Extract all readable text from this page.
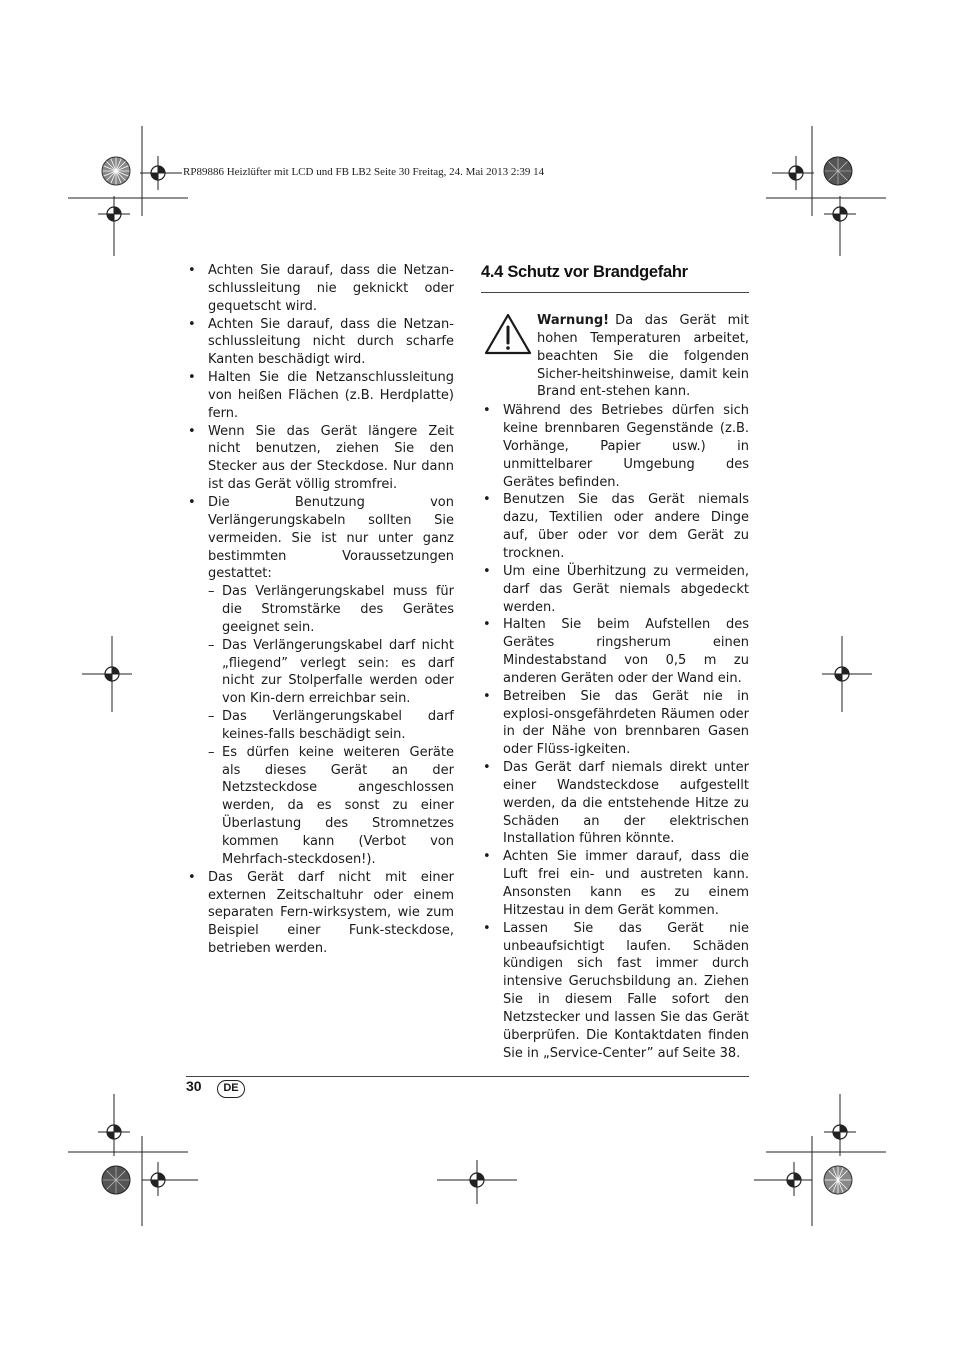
RP89886 Heizlüfter mit LCD und FB LB2 Seite 30 Freitag, 24. Mai 2013 2:39 14
• Achten Sie darauf, dass die Netzan-schlussleitung nie geknickt oder gequetscht wird.
• Achten Sie darauf, dass die Netzan-schlussleitung nicht durch scharfe Kanten beschädigt wird.
• Halten Sie die Netzanschlussleitung von heißen Flächen (z.B. Herdplatte) fern.
• Wenn Sie das Gerät längere Zeit nicht benutzen, ziehen Sie den Stecker aus der Steckdose. Nur dann ist das Gerät völlig stromfrei.
• Die Benutzung von Verlängerungskabeln sollten Sie vermeiden. Sie ist nur unter ganz bestimmten Voraussetzungen gestattet:
– Das Verlängerungskabel muss für die Stromstärke des Gerätes geeignet sein.
– Das Verlängerungskabel darf nicht „fliegend” verlegt sein: es darf nicht zur Stolperfalle werden oder von Kin-dern erreichbar sein.
– Das Verlängerungskabel darf keines-falls beschädigt sein.
– Es dürfen keine weiteren Geräte als dieses Gerät an der Netzsteckdose angeschlossen werden, da es sonst zu einer Überlastung des Stromnetzes kommen kann (Verbot von Mehrfach-steckdosen!).
• Das Gerät darf nicht mit einer externen Zeitschaltuhr oder einem separaten Fern-wirksystem, wie zum Beispiel einer Funk-steckdose, betrieben werden.
4.4 Schutz vor Brandgefahr
Warnung! Da das Gerät mit hohen Temperaturen arbeitet, beachten Sie die folgenden Sicher-heitshinweise, damit kein Brand ent-stehen kann.
• Während des Betriebes dürfen sich keine brennbaren Gegenstände (z.B. Vorhänge, Papier usw.) in unmittelbarer Umgebung des Gerätes befinden.
• Benutzen Sie das Gerät niemals dazu, Textilien oder andere Dinge auf, über oder vor dem Gerät zu trocknen.
• Um eine Überhitzung zu vermeiden, darf das Gerät niemals abgedeckt werden.
• Halten Sie beim Aufstellen des Gerätes ringsherum einen Mindestabstand von 0,5 m zu anderen Geräten oder der Wand ein.
• Betreiben Sie das Gerät nie in explosi-onsgefährdeten Räumen oder in der Nähe von brennbaren Gasen oder Flüss-igkeiten.
• Das Gerät darf niemals direkt unter einer Wandsteckdose aufgestellt werden, da die entstehende Hitze zu Schäden an der elektrischen Installation führen könnte.
• Achten Sie immer darauf, dass die Luft frei ein- und austreten kann. Ansonsten kann es zu einem Hitzestau in dem Gerät kommen.
• Lassen Sie das Gerät nie unbeaufsichtigt laufen. Schäden kündigen sich fast immer durch intensive Geruchsbildung an. Ziehen Sie in diesem Falle sofort den Netzstecker und lassen Sie das Gerät überprüfen. Die Kontaktdaten finden Sie in „Service-Center” auf Seite 38.
30	DE
